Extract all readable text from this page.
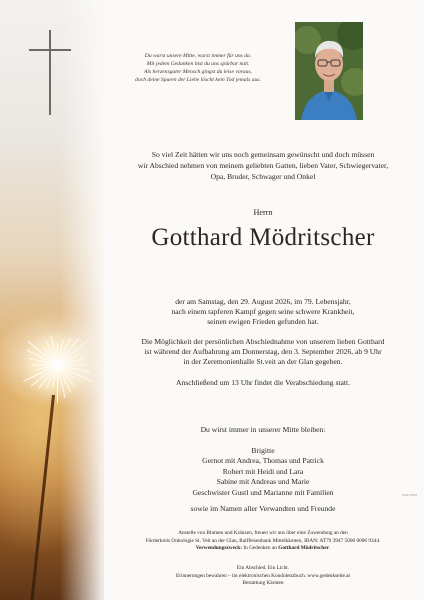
Du warst unsere Mitte, warst immer für uns da.
Mit jedem Gedanken bist du uns spürbar nah.
Als herzensguter Mensch gingst du leise voraus,
doch deine Spuren der Liebe löscht kein Tod jemals aus.
So viel Zeit hätten wir uns noch gemeinsam gewünscht und doch müssen
wir Abschied nehmen von meinem geliebten Gatten, lieben Vater, Schwiegervater,
Opa, Bruder, Schwager und Onkel
Herrn
Gotthard Mödritscher
der am Samstag, den 29. August 2026, im 79. Lebensjahr,
nach einem tapferen Kampf gegen seine schwere Krankheit,
seinen ewigen Frieden gefunden hat.
Die Möglichkeit der persönlichen Abschiednahme von unserem lieben Gotthard
ist während der Aufbahrung am Donnerstag, den 3. September 2026, ab 9 Uhr
in der Zeremonienhalle St.veit an der Glan gegeben.
Anschließend um 13 Uhr findet die Verabschiedung statt.
Du wirst immer in unserer Mitte bleiben:
Brigitte
Gernot mit Andrea, Thomas und Patrick
Robert mit Heidi und Lara
Sabine mit Andreas und Marie
Geschwister Gustl und Marianne mit Familien
sowie im Namen aller Verwandten und Freunde
Anstelle von Blumen und Kränzen, freuen wir uns über eine Zuwendung an den
Förderkreis Onkologie St. Veit an der Glan, Raiffeisenbank Mittelkärnten, IBAN: AT79 3947 5000 0006 9344.
Verwendungszweck: In Gedenken an Gotthard Mödritscher.
Ein Abschied. Ein Licht.
Erinnerungen bewahren – im elektronischen Kondolenzbuch. www.gedenkseite.at
Bestattung Kärnten
SLZP 0033
